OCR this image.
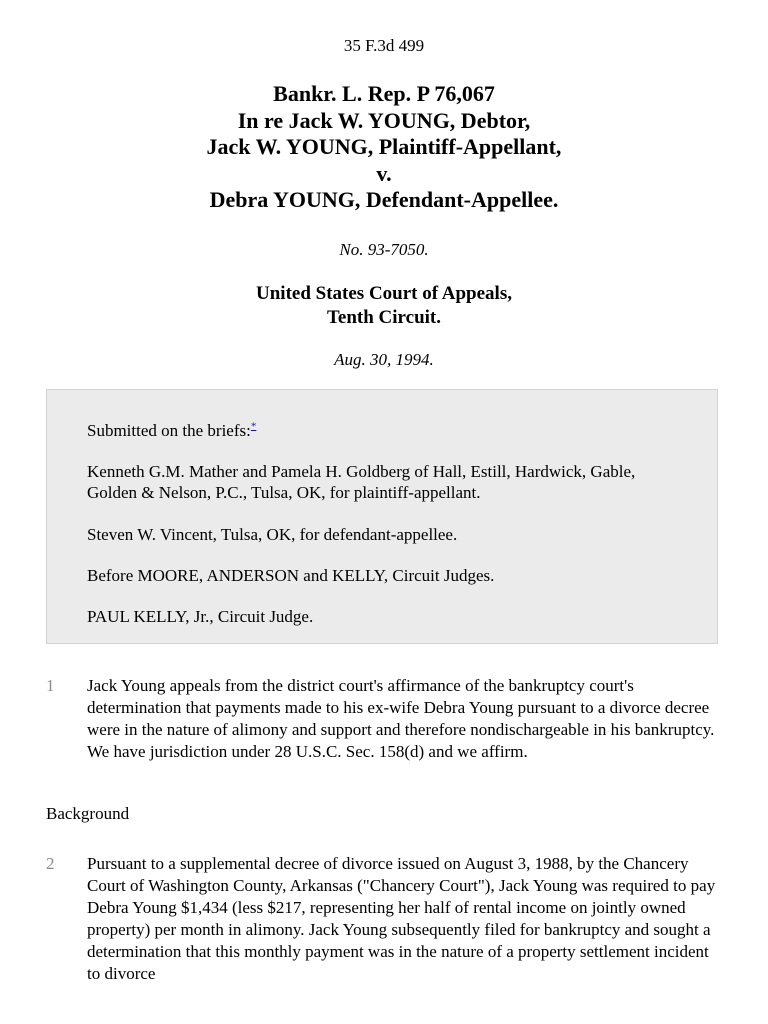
35 F.3d 499
Bankr. L. Rep. P 76,067
In re Jack W. YOUNG, Debtor,
Jack W. YOUNG, Plaintiff-Appellant,
v.
Debra YOUNG, Defendant-Appellee.
No. 93-7050.
United States Court of Appeals,
Tenth Circuit.
Aug. 30, 1994.

Submitted on the briefs:*

Kenneth G.M. Mather and Pamela H. Goldberg of Hall, Estill, Hardwick, Gable, Golden & Nelson, P.C., Tulsa, OK, for plaintiff-appellant.

Steven W. Vincent, Tulsa, OK, for defendant-appellee.

Before MOORE, ANDERSON and KELLY, Circuit Judges.

PAUL KELLY, Jr., Circuit Judge.

1	Jack Young appeals from the district court's affirmance of the bankruptcy court's determination that payments made to his ex-wife Debra Young pursuant to a divorce decree were in the nature of alimony and support and therefore nondischargeable in his bankruptcy. We have jurisdiction under 28 U.S.C. Sec. 158(d) and we affirm.
Background
2	Pursuant to a supplemental decree of divorce issued on August 3, 1988, by the Chancery Court of Washington County, Arkansas ("Chancery Court"), Jack Young was required to pay Debra Young $1,434 (less $217, representing her half of rental income on jointly owned property) per month in alimony. Jack Young subsequently filed for bankruptcy and sought a determination that this monthly payment was in the nature of a property settlement incident to divorce
